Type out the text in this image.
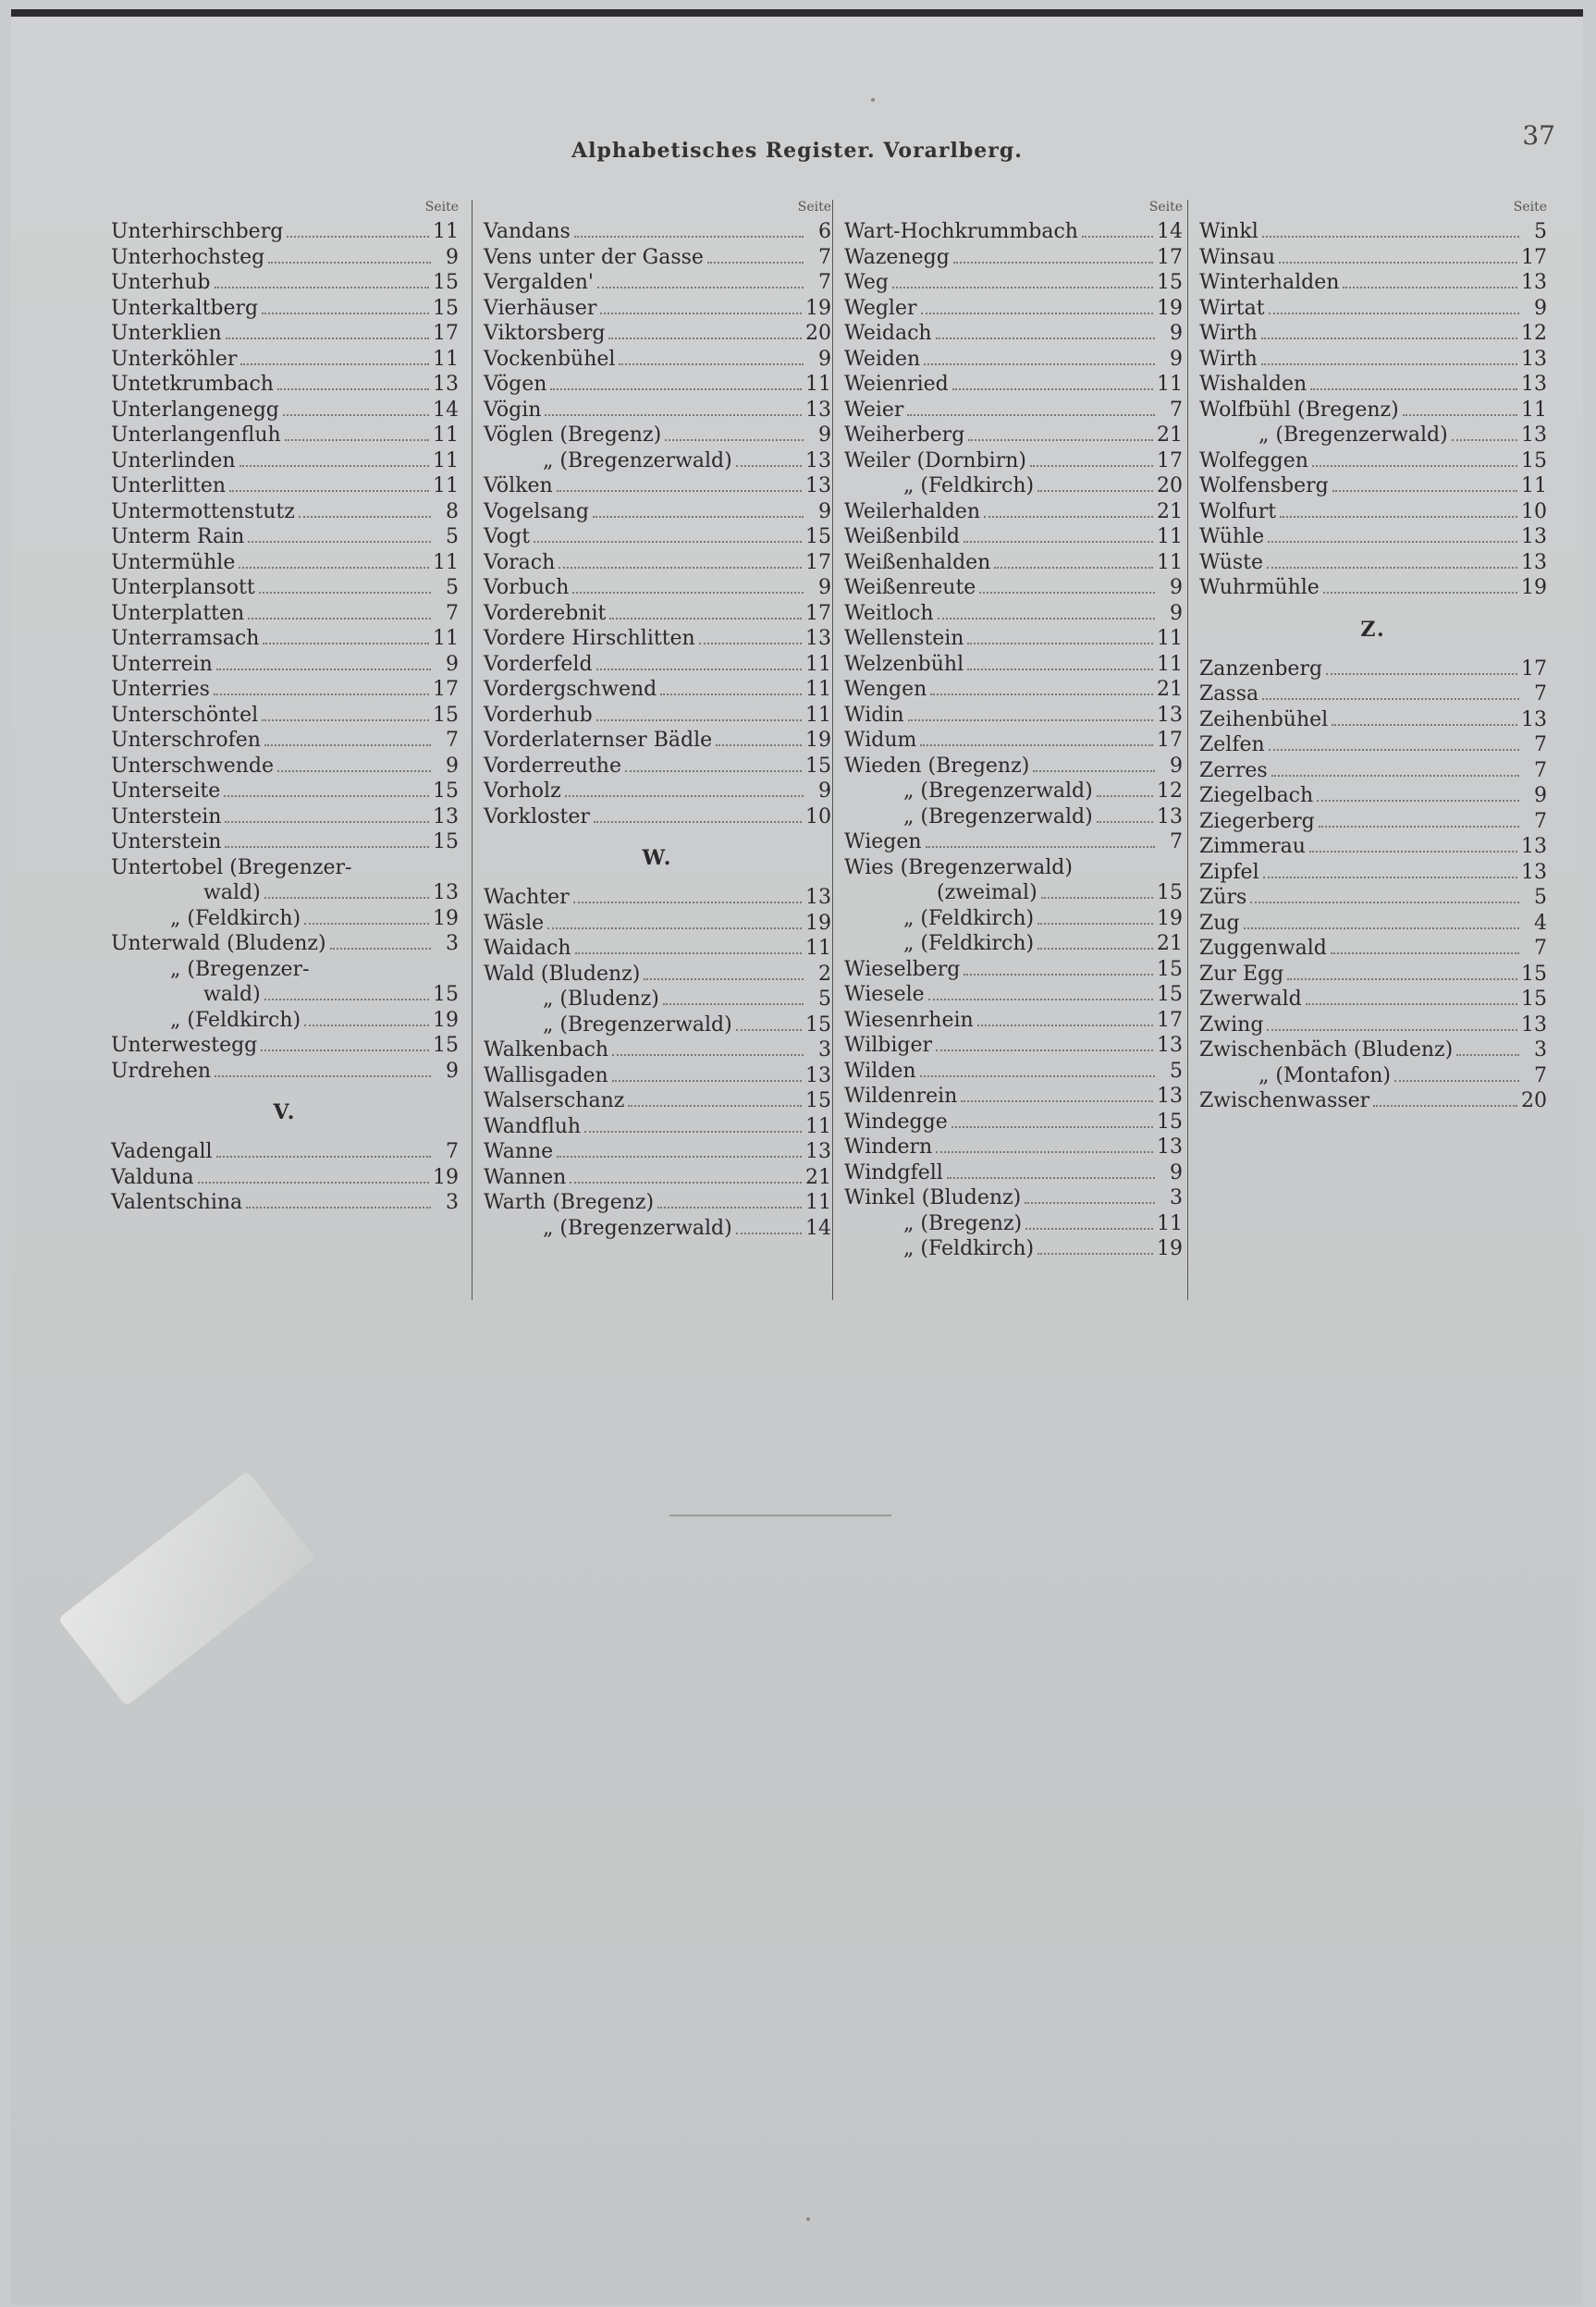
Alphabetisches Register. Vorarlberg.	37
Seite
Unterhirschberg	11
Unterhochsteg	9
Unterhub	15
Unterkaltberg	15
Unterklien	17
Unterköhler	11
Untetkrumbach	13
Unterlangenegg	14
Unterlangenfluh	11
Unterlinden	11
Unterlitten	11
Untermottenstutz	8
Unterm Rain	5
Untermühle	11
Unterplansott	5
Unterplatten	7
Unterramsach	11
Unterrein	9
Unterries	17
Unterschöntel	15
Unterschrofen	7
Unterschwende	9
Unterseite	15
Unterstein	13
Unterstein	15
Untertobel (Bregenzer-
wald)	13
„ (Feldkirch)	19
Unterwald (Bludenz)	3
„ (Bregenzer-
wald)	15
„ (Feldkirch)	19
Unterwestegg	15
Urdrehen	9
V.
Vadengall	7
Valduna	19
Valentschina	3
Seite
Vandans	6
Vens unter der Gasse	7
Vergalden'	7
Vierhäuser	19
Viktorsberg	20
Vockenbühel	9
Vögen	11
Vögin	13
Vöglen (Bregenz)	9
„ (Bregenzerwald)	13
Völken	13
Vogelsang	9
Vogt	15
Vorach	17
Vorbuch	9
Vorderebnit	17
Vordere Hirschlitten	13
Vorderfeld	11
Vordergschwend	11
Vorderhub	11
Vorderlaternser Bädle	19
Vorderreuthe	15
Vorholz	9
Vorkloster	10
W.
Wachter	13
Wäsle	19
Waidach	11
Wald (Bludenz)	2
„ (Bludenz)	5
„ (Bregenzerwald)	15
Walkenbach	3
Wallisgaden	13
Walserschanz	15
Wandfluh	11
Wanne	13
Wannen	21
Warth (Bregenz)	11
„ (Bregenzerwald)	14
Seite
Wart-Hochkrummbach	14
Wazenegg	17
Weg	15
Wegler	19
Weidach	9
Weiden	9
Weienried	11
Weier	7
Weiherberg	21
Weiler (Dornbirn)	17
„ (Feldkirch)	20
Weilerhalden	21
Weißenbild	11
Weißenhalden	11
Weißenreute	9
Weitloch	9
Wellenstein	11
Welzenbühl	11
Wengen	21
Widin	13
Widum	17
Wieden (Bregenz)	9
„ (Bregenzerwald)	12
„ (Bregenzerwald)	13
Wiegen	7
Wies (Bregenzerwald)
(zweimal)	15
„ (Feldkirch)	19
„ (Feldkirch)	21
Wieselberg	15
Wiesele	15
Wiesenrhein	17
Wilbiger	13
Wilden	5
Wildenrein	13
Windegge	15
Windern	13
Windgfell	9
Winkel (Bludenz)	3
„ (Bregenz)	11
„ (Feldkirch)	19
Seite
Winkl	5
Winsau	17
Winterhalden	13
Wirtat	9
Wirth	12
Wirth	13
Wishalden	13
Wolfbühl (Bregenz)	11
„ (Bregenzerwald)	13
Wolfeggen	15
Wolfensberg	11
Wolfurt	10
Wühle	13
Wüste	13
Wuhrmühle	19
Z.
Zanzenberg	17
Zassa	7
Zeihenbühel	13
Zelfen	7
Zerres	7
Ziegelbach	9
Ziegerberg	7
Zimmerau	13
Zipfel	13
Zürs	5
Zug	4
Zuggenwald	7
Zur Egg	15
Zwerwald	15
Zwing	13
Zwischenbäch (Bludenz)	3
„ (Montafon)	7
Zwischenwasser	20
